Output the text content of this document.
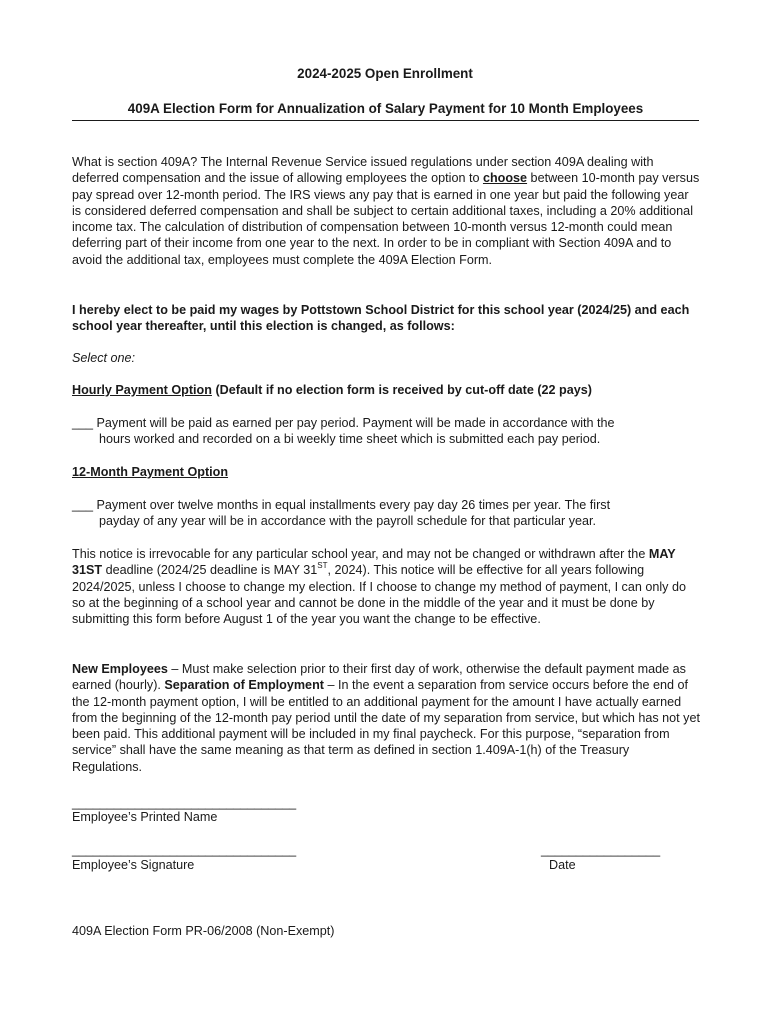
2024-2025 Open Enrollment
409A Election Form for Annualization of Salary Payment for 10 Month Employees

What is section 409A? The Internal Revenue Service issued regulations under section 409A dealing with deferred compensation and the issue of allowing employees the option to choose between 10-month pay versus pay spread over 12-month period. The IRS views any pay that is earned in one year but paid the following year is considered deferred compensation and shall be subject to certain additional taxes, including a 20% additional income tax. The calculation of distribution of compensation between 10-month versus 12-month could mean deferring part of their income from one year to the next. In order to be in compliant with Section 409A and to avoid the additional tax, employees must complete the 409A Election Form.

I hereby elect to be paid my wages by Pottstown School District for this school year (2024/25) and each school year thereafter, until this election is changed, as follows:

Select one:

Hourly Payment Option (Default if no election form is received by cut-off date (22 pays)

___ Payment will be paid as earned per pay period. Payment will be made in accordance with the
hours worked and recorded on a bi weekly time sheet which is submitted each pay period.

12-Month Payment Option

___ Payment over twelve months in equal installments every pay day 26 times per year. The first
payday of any year will be in accordance with the payroll schedule for that particular year.

This notice is irrevocable for any particular school year, and may not be changed or withdrawn after the MAY 31ST deadline (2024/25 deadline is MAY 31ST, 2024). This notice will be effective for all years following 2024/2025, unless I choose to change my election. If I choose to change my method of payment, I can only do so at the beginning of a school year and cannot be done in the middle of the year and it must be done by submitting this form before August 1 of the year you want the change to be effective.

New Employees – Must make selection prior to their first day of work, otherwise the default payment made as earned (hourly). Separation of Employment – In the event a separation from service occurs before the end of the 12-month payment option, I will be entitled to an additional payment for the amount I have actually earned from the beginning of the 12-month pay period until the date of my separation from service, but which has not yet been paid. This additional payment will be included in my final paycheck. For this purpose, “separation from service” shall have the same meaning as that term as defined in section 1.409A-1(h) of the Treasury Regulations.

________________________________
Employee’s Printed Name
________________________________
Employee’s Signature
_________________
Date
409A Election Form PR-06/2008 (Non-Exempt)
